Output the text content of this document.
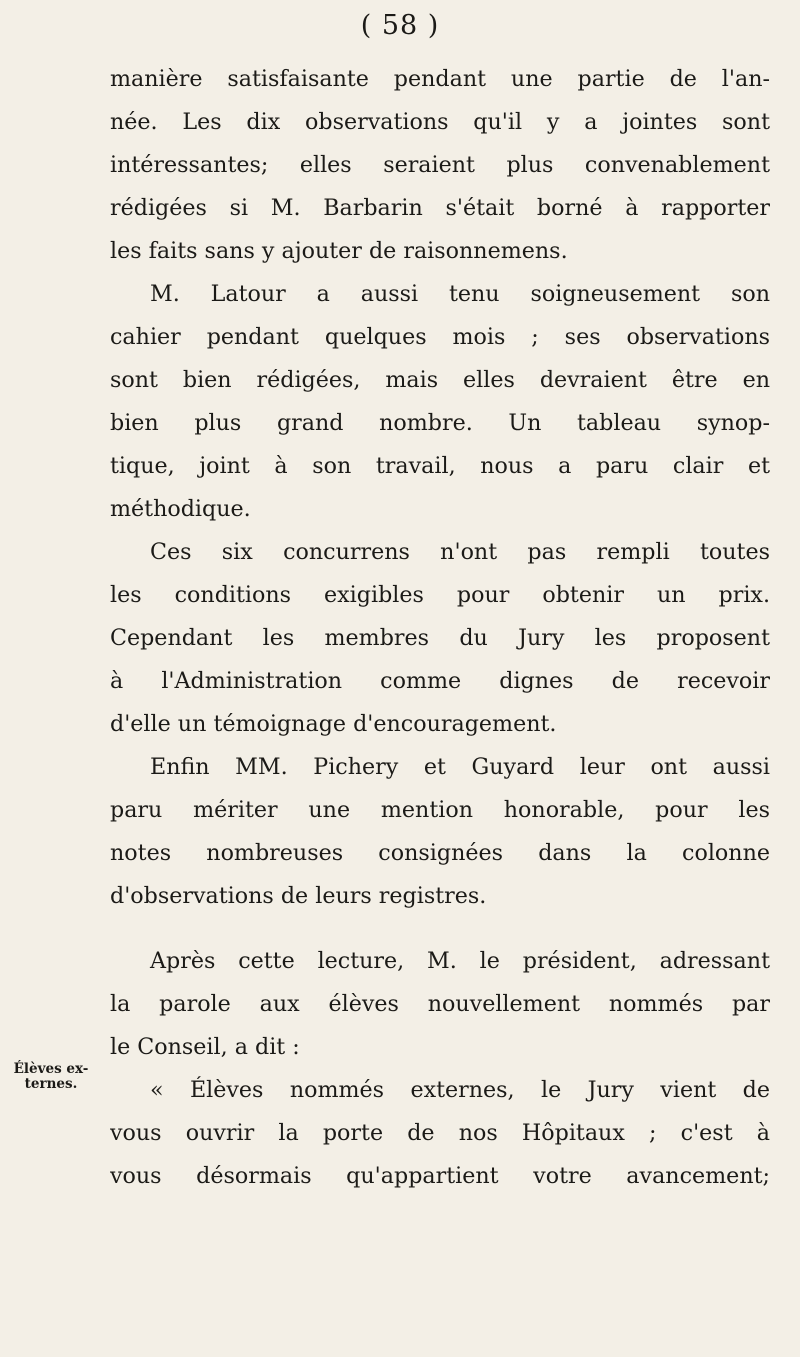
( 58 )
Élèves ex-
ternes.
manière satisfaisante pendant une partie de l'an-
née. Les dix observations qu'il y a jointes sont
intéressantes; elles seraient plus convenablement
rédigées si M. Barbarin s'était borné à rapporter
les faits sans y ajouter de raisonnemens.
M. Latour a aussi tenu soigneusement son
cahier pendant quelques mois ; ses observations
sont bien rédigées, mais elles devraient être en
bien plus grand nombre. Un tableau synop-
tique, joint à son travail, nous a paru clair et
méthodique.
Ces six concurrens n'ont pas rempli toutes
les conditions exigibles pour obtenir un prix.
Cependant les membres du Jury les proposent
à l'Administration comme dignes de recevoir
d'elle un témoignage d'encouragement.
Enfin MM. Pichery et Guyard leur ont aussi
paru mériter une mention honorable, pour les
notes nombreuses consignées dans la colonne
d'observations de leurs registres.
Après cette lecture, M. le président, adressant
la parole aux élèves nouvellement nommés par
le Conseil, a dit :
« Élèves nommés externes, le Jury vient de
vous ouvrir la porte de nos Hôpitaux ; c'est à
vous désormais qu'appartient votre avancement;
